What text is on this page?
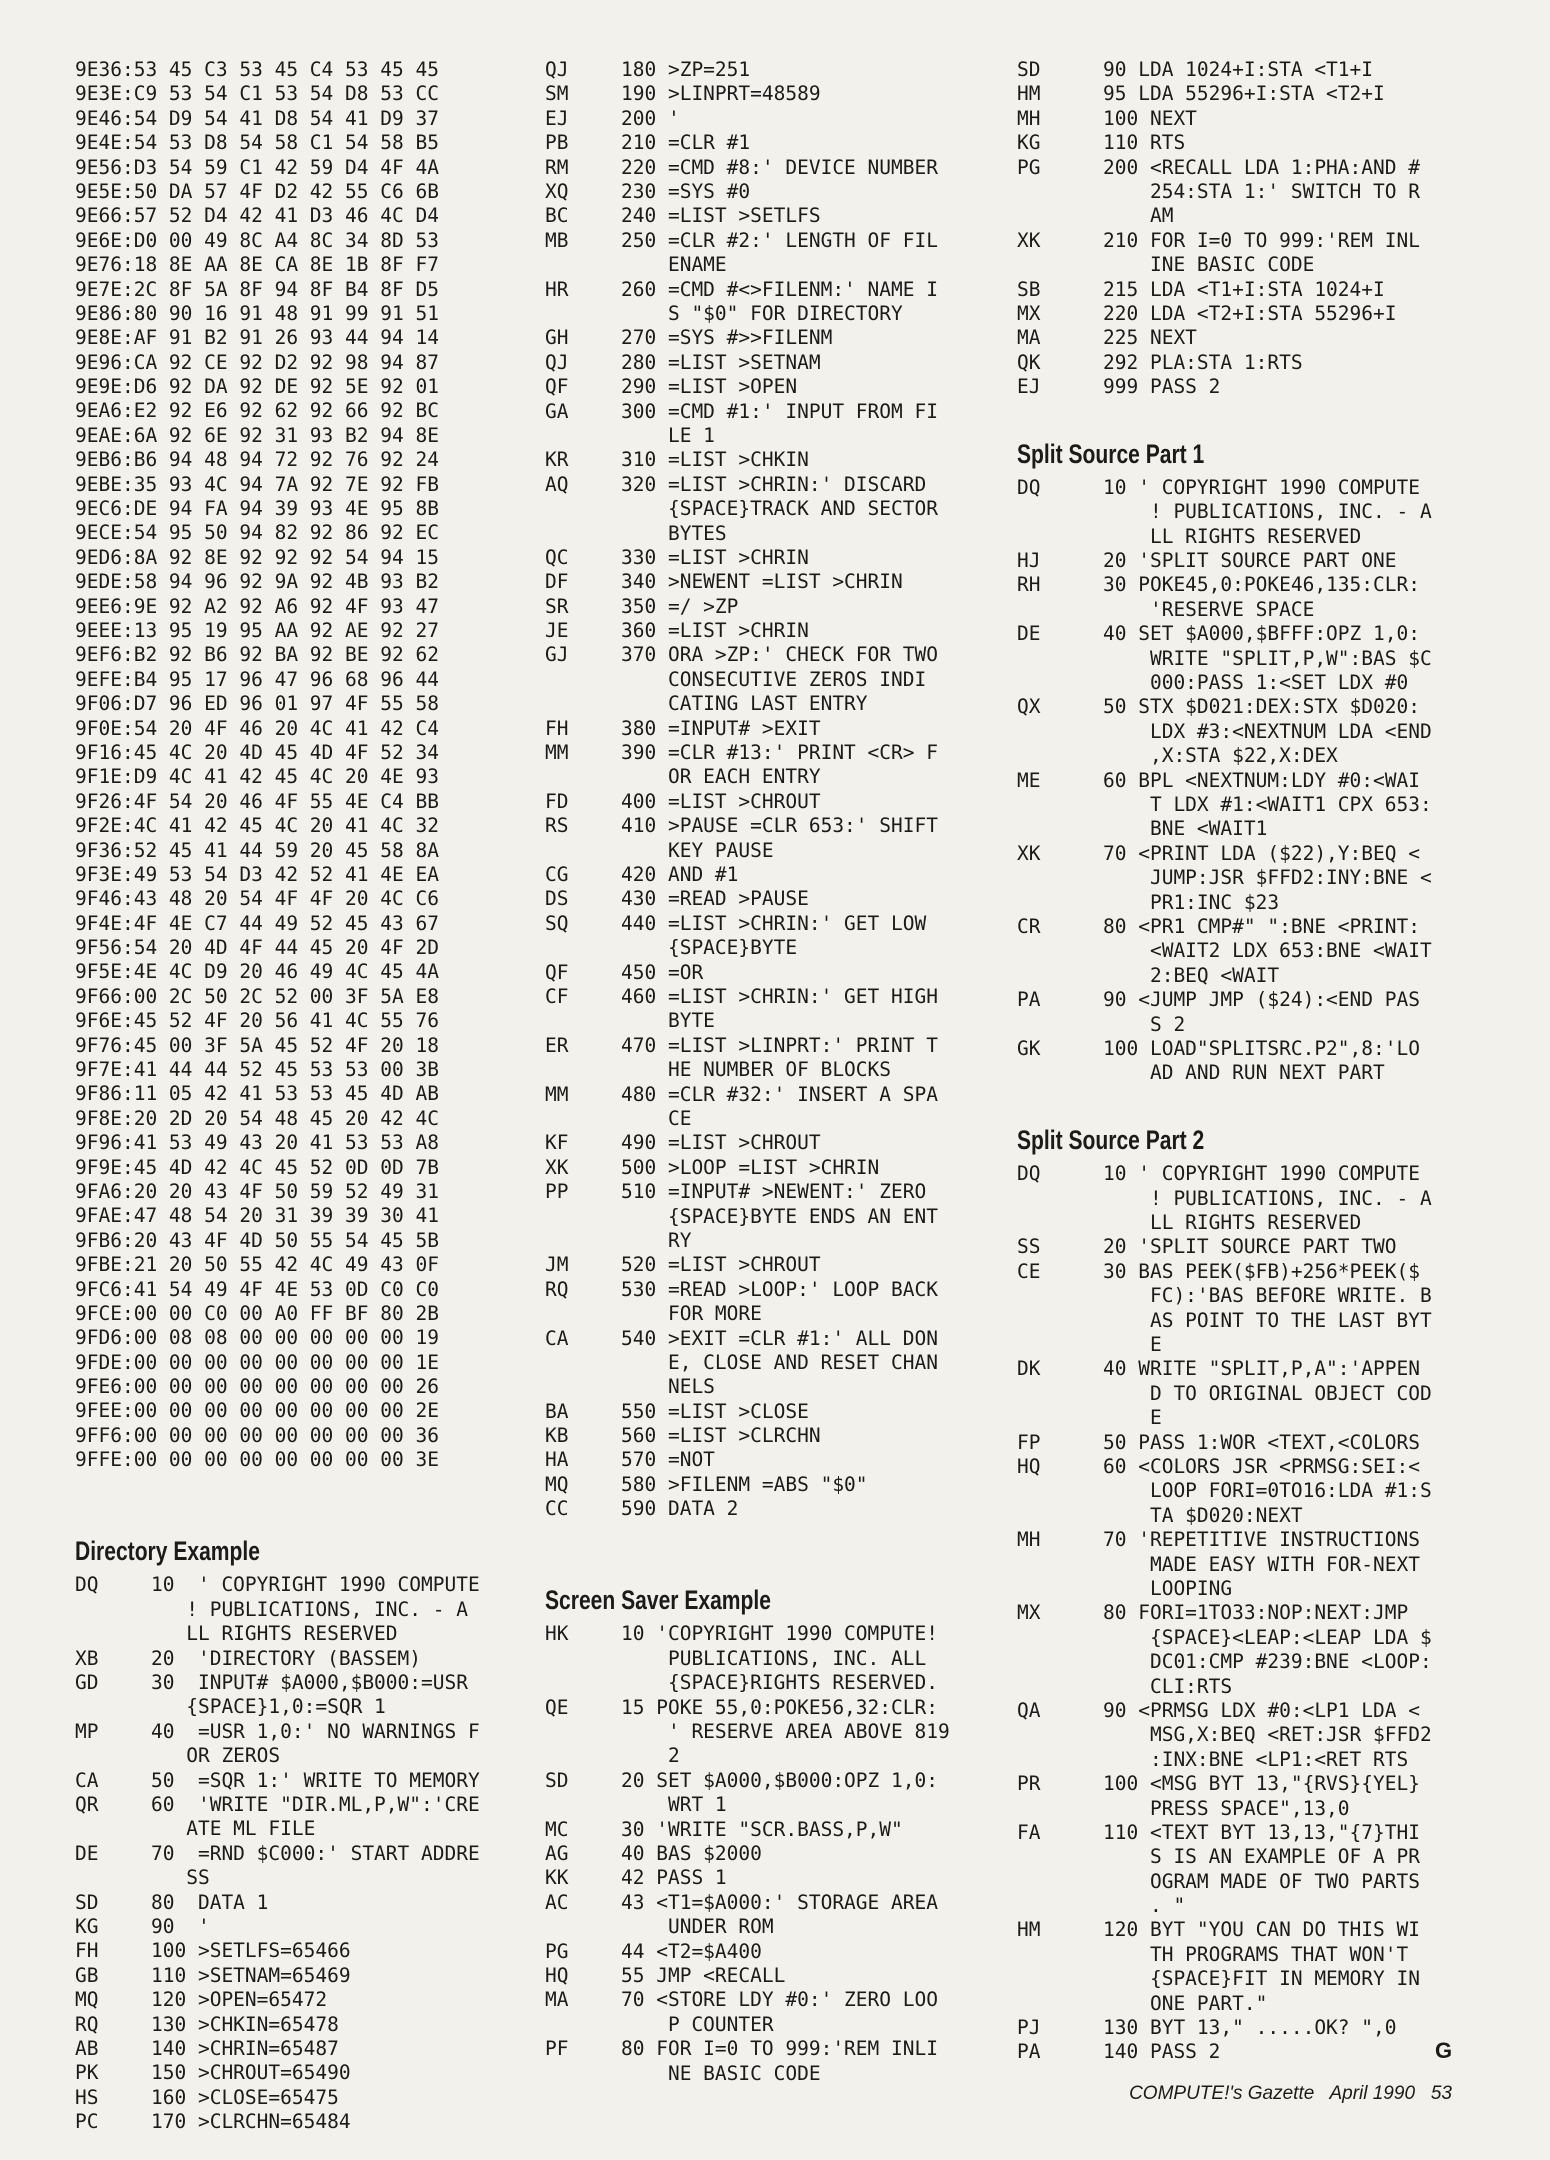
9E36:53 45 C3 53 45 C4 53 45 45
9E3E:C9 53 54 C1 53 54 D8 53 CC
9E46:54 D9 54 41 D8 54 41 D9 37
9E4E:54 53 D8 54 58 C1 54 58 B5
9E56:D3 54 59 C1 42 59 D4 4F 4A
9E5E:50 DA 57 4F D2 42 55 C6 6B
9E66:57 52 D4 42 41 D3 46 4C D4
9E6E:D0 00 49 8C A4 8C 34 8D 53
9E76:18 8E AA 8E CA 8E 1B 8F F7
9E7E:2C 8F 5A 8F 94 8F B4 8F D5
9E86:80 90 16 91 48 91 99 91 51
9E8E:AF 91 B2 91 26 93 44 94 14
9E96:CA 92 CE 92 D2 92 98 94 87
9E9E:D6 92 DA 92 DE 92 5E 92 01
9EA6:E2 92 E6 92 62 92 66 92 BC
9EAE:6A 92 6E 92 31 93 B2 94 8E
9EB6:B6 94 48 94 72 92 76 92 24
9EBE:35 93 4C 94 7A 92 7E 92 FB
9EC6:DE 94 FA 94 39 93 4E 95 8B
9ECE:54 95 50 94 82 92 86 92 EC
9ED6:8A 92 8E 92 92 92 54 94 15
9EDE:58 94 96 92 9A 92 4B 93 B2
9EE6:9E 92 A2 92 A6 92 4F 93 47
9EEE:13 95 19 95 AA 92 AE 92 27
9EF6:B2 92 B6 92 BA 92 BE 92 62
9EFE:B4 95 17 96 47 96 68 96 44
9F06:D7 96 ED 96 01 97 4F 55 58
9F0E:54 20 4F 46 20 4C 41 42 C4
9F16:45 4C 20 4D 45 4D 4F 52 34
9F1E:D9 4C 41 42 45 4C 20 4E 93
9F26:4F 54 20 46 4F 55 4E C4 BB
9F2E:4C 41 42 45 4C 20 41 4C 32
9F36:52 45 41 44 59 20 45 58 8A
9F3E:49 53 54 D3 42 52 41 4E EA
9F46:43 48 20 54 4F 4F 20 4C C6
9F4E:4F 4E C7 44 49 52 45 43 67
9F56:54 20 4D 4F 44 45 20 4F 2D
9F5E:4E 4C D9 20 46 49 4C 45 4A
9F66:00 2C 50 2C 52 00 3F 5A E8
9F6E:45 52 4F 20 56 41 4C 55 76
9F76:45 00 3F 5A 45 52 4F 20 18
9F7E:41 44 44 52 45 53 53 00 3B
9F86:11 05 42 41 53 53 45 4D AB
9F8E:20 2D 20 54 48 45 20 42 4C
9F96:41 53 49 43 20 41 53 53 A8
9F9E:45 4D 42 4C 45 52 0D 0D 7B
9FA6:20 20 43 4F 50 59 52 49 31
9FAE:47 48 54 20 31 39 39 30 41
9FB6:20 43 4F 4D 50 55 54 45 5B
9FBE:21 20 50 55 42 4C 49 43 0F
9FC6:41 54 49 4F 4E 53 0D C0 C0
9FCE:00 00 C0 00 A0 FF BF 80 2B
9FD6:00 08 08 00 00 00 00 00 19
9FDE:00 00 00 00 00 00 00 00 1E
9FE6:00 00 00 00 00 00 00 00 26
9FEE:00 00 00 00 00 00 00 00 2E
9FF6:00 00 00 00 00 00 00 00 36
9FFE:00 00 00 00 00 00 00 00 3E
Directory Example
DQ	10  ' COPYRIGHT 1990 COMPUTE
! PUBLICATIONS, INC. - A
LL RIGHTS RESERVED
XB	20  'DIRECTORY (BASSEM)
GD	30  INPUT# $A000,$B000:=USR
{SPACE}1,0:=SQR 1
MP	40  =USR 1,0:' NO WARNINGS F
OR ZEROS
CA	50  =SQR 1:' WRITE TO MEMORY
QR	60  'WRITE "DIR.ML,P,W":'CRE
ATE ML FILE
DE	70  =RND $C000:' START ADDRE
SS
SD	80  DATA 1
KG	90  '
FH	100 >SETLFS=65466
GB	110 >SETNAM=65469
MQ	120 >OPEN=65472
RQ	130 >CHKIN=65478
AB	140 >CHRIN=65487
PK	150 >CHROUT=65490
HS	160 >CLOSE=65475
PC	170 >CLRCHN=65484
QJ	180 >ZP=251
SM	190 >LINPRT=48589
EJ	200 '
PB	210 =CLR #1
RM	220 =CMD #8:' DEVICE NUMBER
XQ	230 =SYS #0
BC	240 =LIST >SETLFS
MB	250 =CLR #2:' LENGTH OF FIL
ENAME
HR	260 =CMD #<>FILENM:' NAME I
S "$0" FOR DIRECTORY
GH	270 =SYS #>>FILENM
QJ	280 =LIST >SETNAM
QF	290 =LIST >OPEN
GA	300 =CMD #1:' INPUT FROM FI
LE 1
KR	310 =LIST >CHKIN
AQ	320 =LIST >CHRIN:' DISCARD
{SPACE}TRACK AND SECTOR
BYTES
QC	330 =LIST >CHRIN
DF	340 >NEWENT =LIST >CHRIN
SR	350 =/ >ZP
JE	360 =LIST >CHRIN
GJ	370 ORA >ZP:' CHECK FOR TWO
CONSECUTIVE ZEROS INDI
CATING LAST ENTRY
FH	380 =INPUT# >EXIT
MM	390 =CLR #13:' PRINT <CR> F
OR EACH ENTRY
FD	400 =LIST >CHROUT
RS	410 >PAUSE =CLR 653:' SHIFT
KEY PAUSE
CG	420 AND #1
DS	430 =READ >PAUSE
SQ	440 =LIST >CHRIN:' GET LOW
{SPACE}BYTE
QF	450 =OR
CF	460 =LIST >CHRIN:' GET HIGH
BYTE
ER	470 =LIST >LINPRT:' PRINT T
HE NUMBER OF BLOCKS
MM	480 =CLR #32:' INSERT A SPA
CE
KF	490 =LIST >CHROUT
XK	500 >LOOP =LIST >CHRIN
PP	510 =INPUT# >NEWENT:' ZERO
{SPACE}BYTE ENDS AN ENT
RY
JM	520 =LIST >CHROUT
RQ	530 =READ >LOOP:' LOOP BACK
FOR MORE
CA	540 >EXIT =CLR #1:' ALL DON
E, CLOSE AND RESET CHAN
NELS
BA	550 =LIST >CLOSE
KB	560 =LIST >CLRCHN
HA	570 =NOT
MQ	580 >FILENM =ABS "$0"
CC	590 DATA 2
Screen Saver Example
HK	10 'COPYRIGHT 1990 COMPUTE!
PUBLICATIONS, INC. ALL
{SPACE}RIGHTS RESERVED.
QE	15 POKE 55,0:POKE56,32:CLR:
' RESERVE AREA ABOVE 819
2
SD	20 SET $A000,$B000:OPZ 1,0:
WRT 1
MC	30 'WRITE "SCR.BASS,P,W"
AG	40 BAS $2000
KK	42 PASS 1
AC	43 <T1=$A000:' STORAGE AREA
UNDER ROM
PG	44 <T2=$A400
HQ	55 JMP <RECALL
MA	70 <STORE LDY #0:' ZERO LOO
P COUNTER
PF	80 FOR I=0 TO 999:'REM INLI
NE BASIC CODE
SD	90 LDA 1024+I:STA <T1+I
HM	95 LDA 55296+I:STA <T2+I
MH	100 NEXT
KG	110 RTS
PG	200 <RECALL LDA 1:PHA:AND #
254:STA 1:' SWITCH TO R
AM
XK	210 FOR I=0 TO 999:'REM INL
INE BASIC CODE
SB	215 LDA <T1+I:STA 1024+I
MX	220 LDA <T2+I:STA 55296+I
MA	225 NEXT
QK	292 PLA:STA 1:RTS
EJ	999 PASS 2
Split Source Part 1
DQ	10 ' COPYRIGHT 1990 COMPUTE
! PUBLICATIONS, INC. - A
LL RIGHTS RESERVED
HJ	20 'SPLIT SOURCE PART ONE
RH	30 POKE45,0:POKE46,135:CLR:
'RESERVE SPACE
DE	40 SET $A000,$BFFF:OPZ 1,0:
WRITE "SPLIT,P,W":BAS $C
000:PASS 1:<SET LDX #0
QX	50 STX $D021:DEX:STX $D020:
LDX #3:<NEXTNUM LDA <END
,X:STA $22,X:DEX
ME	60 BPL <NEXTNUM:LDY #0:<WAI
T LDX #1:<WAIT1 CPX 653:
BNE <WAIT1
XK	70 <PRINT LDA ($22),Y:BEQ <
JUMP:JSR $FFD2:INY:BNE <
PR1:INC $23
CR	80 <PR1 CMP#" ":BNE <PRINT:
<WAIT2 LDX 653:BNE <WAIT
2:BEQ <WAIT
PA	90 <JUMP JMP ($24):<END PAS
S 2
GK	100 LOAD"SPLITSRC.P2",8:'LO
AD AND RUN NEXT PART
Split Source Part 2
DQ	10 ' COPYRIGHT 1990 COMPUTE
! PUBLICATIONS, INC. - A
LL RIGHTS RESERVED
SS	20 'SPLIT SOURCE PART TWO
CE	30 BAS PEEK($FB)+256*PEEK($
FC):'BAS BEFORE WRITE. B
AS POINT TO THE LAST BYT
E
DK	40 WRITE "SPLIT,P,A":'APPEN
D TO ORIGINAL OBJECT COD
E
FP	50 PASS 1:WOR <TEXT,<COLORS
HQ	60 <COLORS JSR <PRMSG:SEI:<
LOOP FORI=0TO16:LDA #1:S
TA $D020:NEXT
MH	70 'REPETITIVE INSTRUCTIONS
MADE EASY WITH FOR-NEXT
LOOPING
MX	80 FORI=1TO33:NOP:NEXT:JMP
{SPACE}<LEAP:<LEAP LDA $
DC01:CMP #239:BNE <LOOP:
CLI:RTS
QA	90 <PRMSG LDX #0:<LP1 LDA <
MSG,X:BEQ <RET:JSR $FFD2
:INX:BNE <LP1:<RET RTS
PR	100 <MSG BYT 13,"{RVS}{YEL}
PRESS SPACE",13,0
FA	110 <TEXT BYT 13,13,"{7}THI
S IS AN EXAMPLE OF A PR
OGRAM MADE OF TWO PARTS
. "
HM	120 BYT "YOU CAN DO THIS WI
TH PROGRAMS THAT WON'T
{SPACE}FIT IN MEMORY IN
ONE PART."
PJ	130 BYT 13," .....OK? ",0
PA	140 PASS 2	G
COMPUTE!'s Gazette April 1990 53
